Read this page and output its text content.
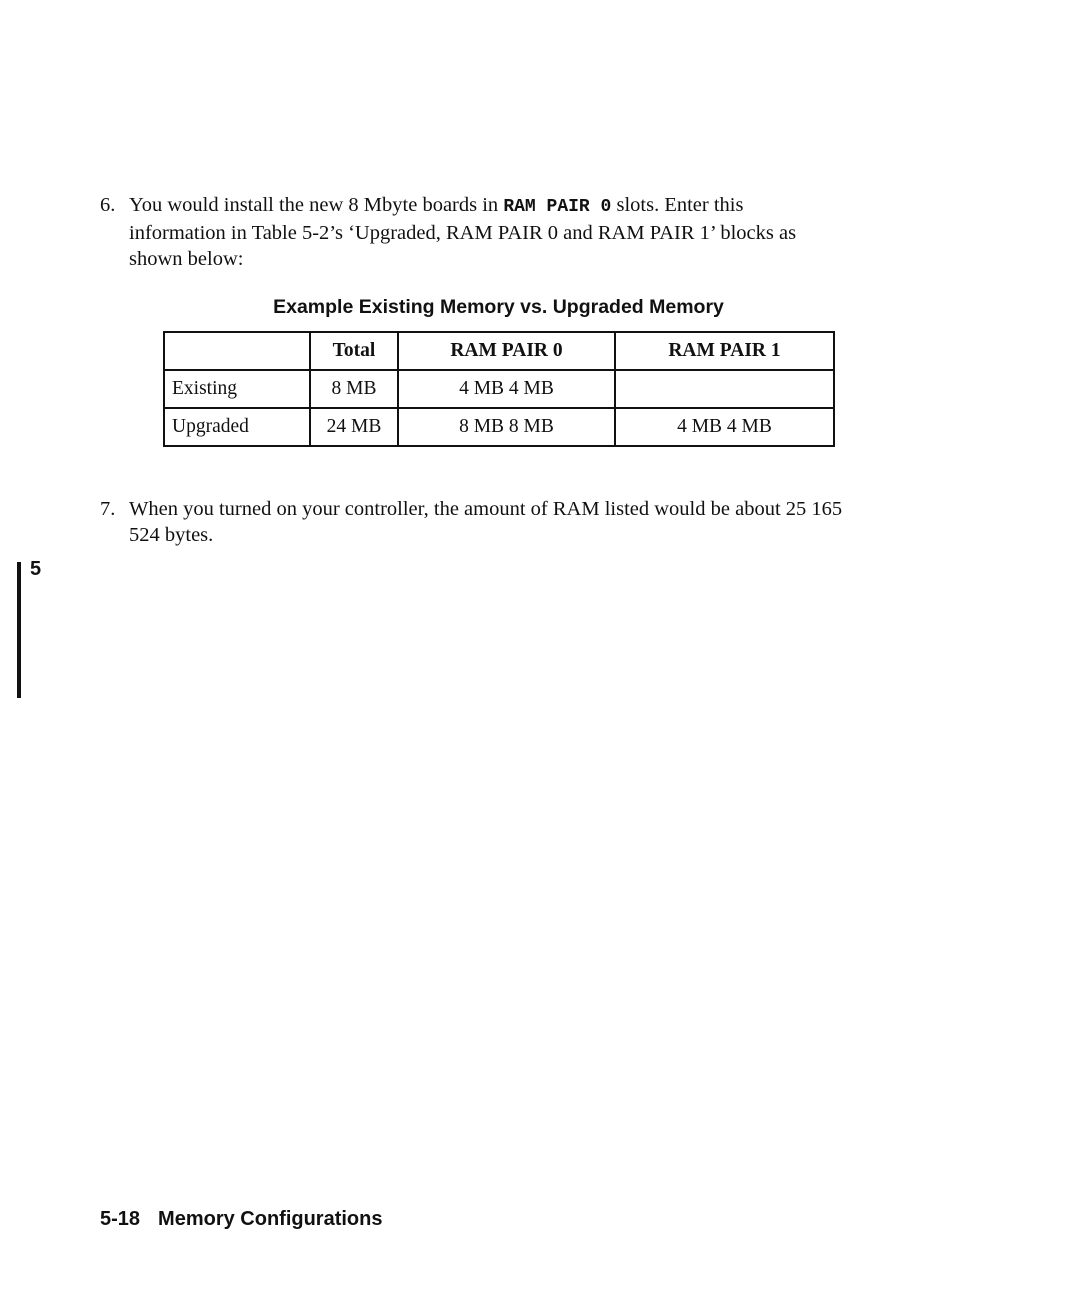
6. You would install the new 8 Mbyte boards in RAM PAIR 0 slots. Enter this information in Table 5-2’s ‘Upgraded, RAM PAIR 0 and RAM PAIR 1’ blocks as shown below:
Example Existing Memory vs. Upgraded Memory
	Total	RAM PAIR 0	RAM PAIR 1
Existing	8 MB	4 MB 4 MB	
Upgraded	24 MB	8 MB 8 MB	4 MB 4 MB
7. When you turned on your controller, the amount of RAM listed would be about 25 165 524 bytes.
5
5-18 Memory Configurations
